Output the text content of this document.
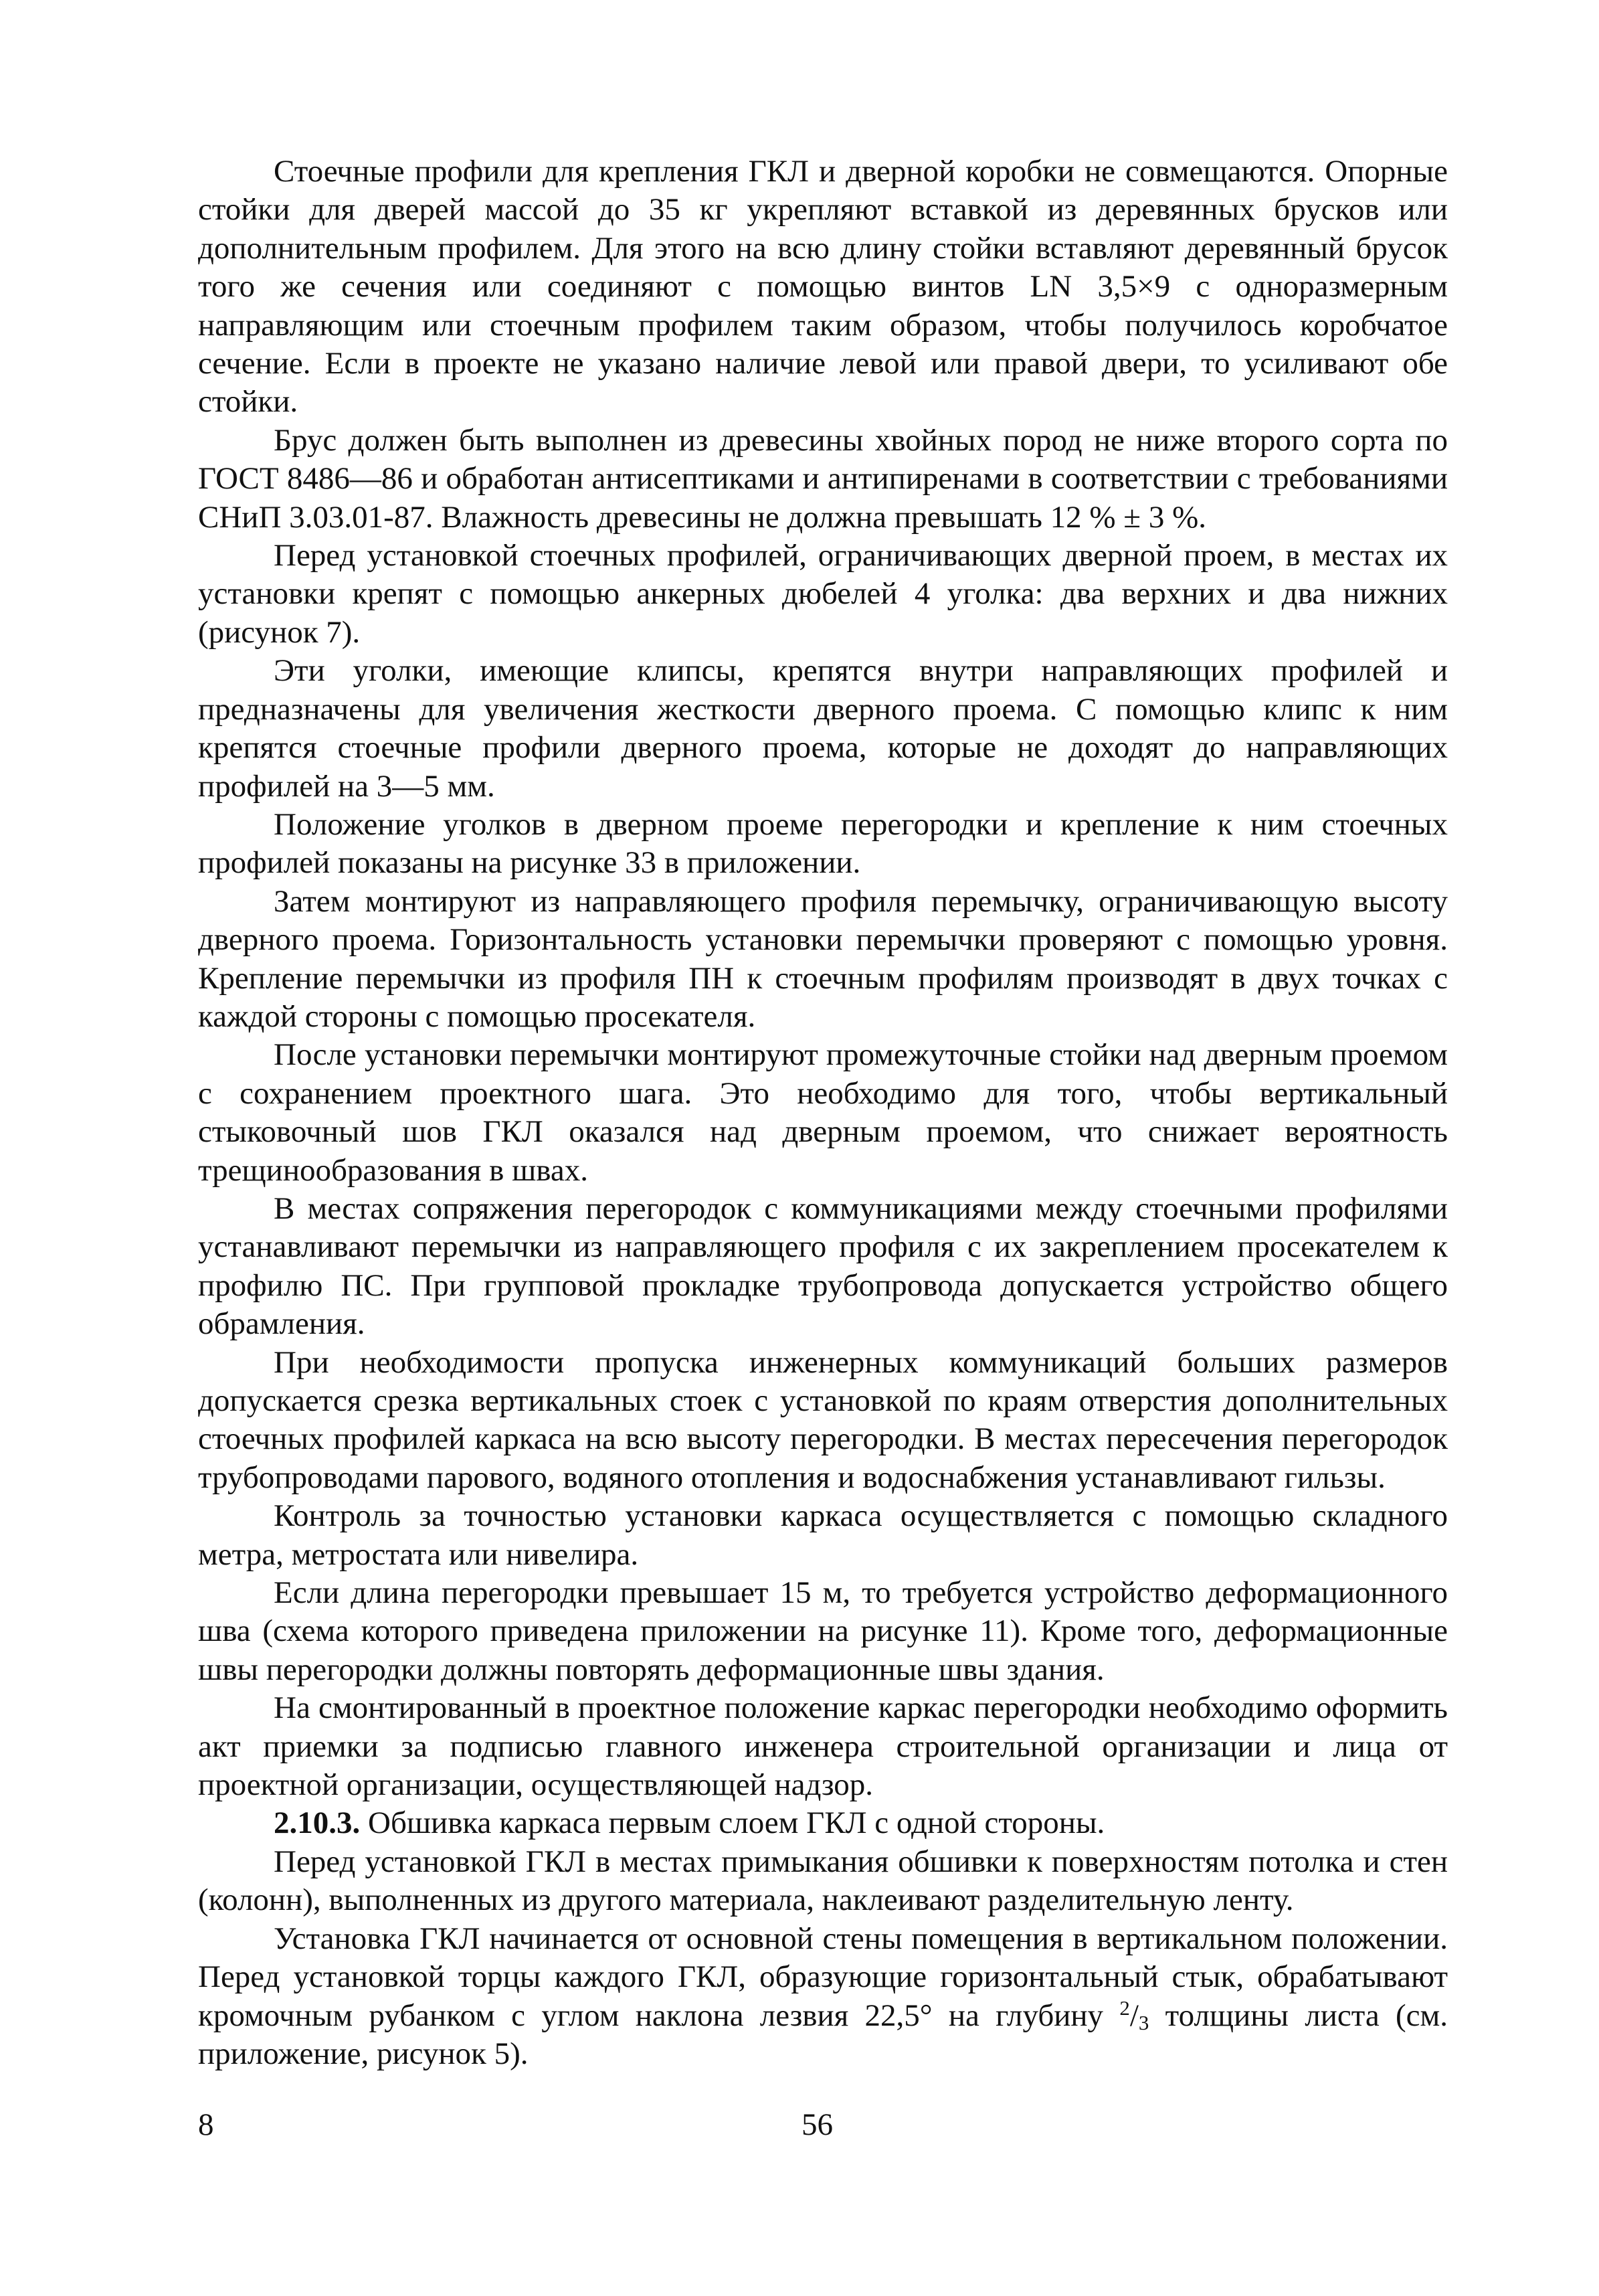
Стоечные профили для крепления ГКЛ и дверной коробки не совмещаются. Опорные стойки для дверей массой до 35 кг укрепляют вставкой из деревянных брусков или дополнительным профилем. Для этого на всю длину стойки вставляют деревянный брусок того же сечения или соединяют с помощью винтов LN 3,5×9 с одноразмерным направляющим или стоечным профилем таким образом, чтобы получилось коробчатое сечение. Если в проекте не указано наличие левой или правой двери, то усиливают обе стойки.

Брус должен быть выполнен из древесины хвойных пород не ниже второго сорта по ГОСТ 8486—86 и обработан антисептиками и антипиренами в соответствии с требованиями СНиП 3.03.01-87. Влажность древесины не должна превышать 12 % ± 3 %.

Перед установкой стоечных профилей, ограничивающих дверной проем, в местах их установки крепят с помощью анкерных дюбелей 4 уголка: два верхних и два нижних (рисунок 7).

Эти уголки, имеющие клипсы, крепятся внутри направляющих профилей и предназначены для увеличения жесткости дверного проема. С помощью клипс к ним крепятся стоечные профили дверного проема, которые не доходят до направляющих профилей на 3—5 мм.

Положение уголков в дверном проеме перегородки и крепление к ним стоечных профилей показаны на рисунке 33 в приложении.

Затем монтируют из направляющего профиля перемычку, ограничивающую высоту дверного проема. Горизонтальность установки перемычки проверяют с помощью уровня. Крепление перемычки из профиля ПН к стоечным профилям производят в двух точках с каждой стороны с помощью просекателя.

После установки перемычки монтируют промежуточные стойки над дверным проемом с сохранением проектного шага. Это необходимо для того, чтобы вертикальный стыковочный шов ГКЛ оказался над дверным проемом, что снижает вероятность трещинообразования в швах.

В местах сопряжения перегородок с коммуникациями между стоечными профилями устанавливают перемычки из направляющего профиля с их закреплением просекателем к профилю ПС. При групповой прокладке трубопровода допускается устройство общего обрамления.

При необходимости пропуска инженерных коммуникаций больших размеров допускается срезка вертикальных стоек с установкой по краям отверстия дополнительных стоечных профилей каркаса на всю высоту перегородки. В местах пересечения перегородок трубопроводами парового, водяного отопления и водоснабжения устанавливают гильзы.

Контроль за точностью установки каркаса осуществляется с помощью складного метра, метростата или нивелира.

Если длина перегородки превышает 15 м, то требуется устройство деформационного шва (схема которого приведена приложении на рисунке 11). Кроме того, деформационные швы перегородки должны повторять деформационные швы здания.

На смонтированный в проектное положение каркас перегородки необходимо оформить акт приемки за подписью главного инженера строительной организации и лица от проектной организации, осуществляющей надзор.

2.10.3. Обшивка каркаса первым слоем ГКЛ с одной стороны.

Перед установкой ГКЛ в местах примыкания обшивки к поверхностям потолка и стен (колонн), выполненных из другого материала, наклеивают разделительную ленту.

Установка ГКЛ начинается от основной стены помещения в вертикальном положении. Перед установкой торцы каждого ГКЛ, образующие горизонтальный стык, обрабатывают кромочным рубанком с углом наклона лезвия 22,5° на глубину $^2/_3$ толщины листа (см. приложение, рисунок 5).

8	56
